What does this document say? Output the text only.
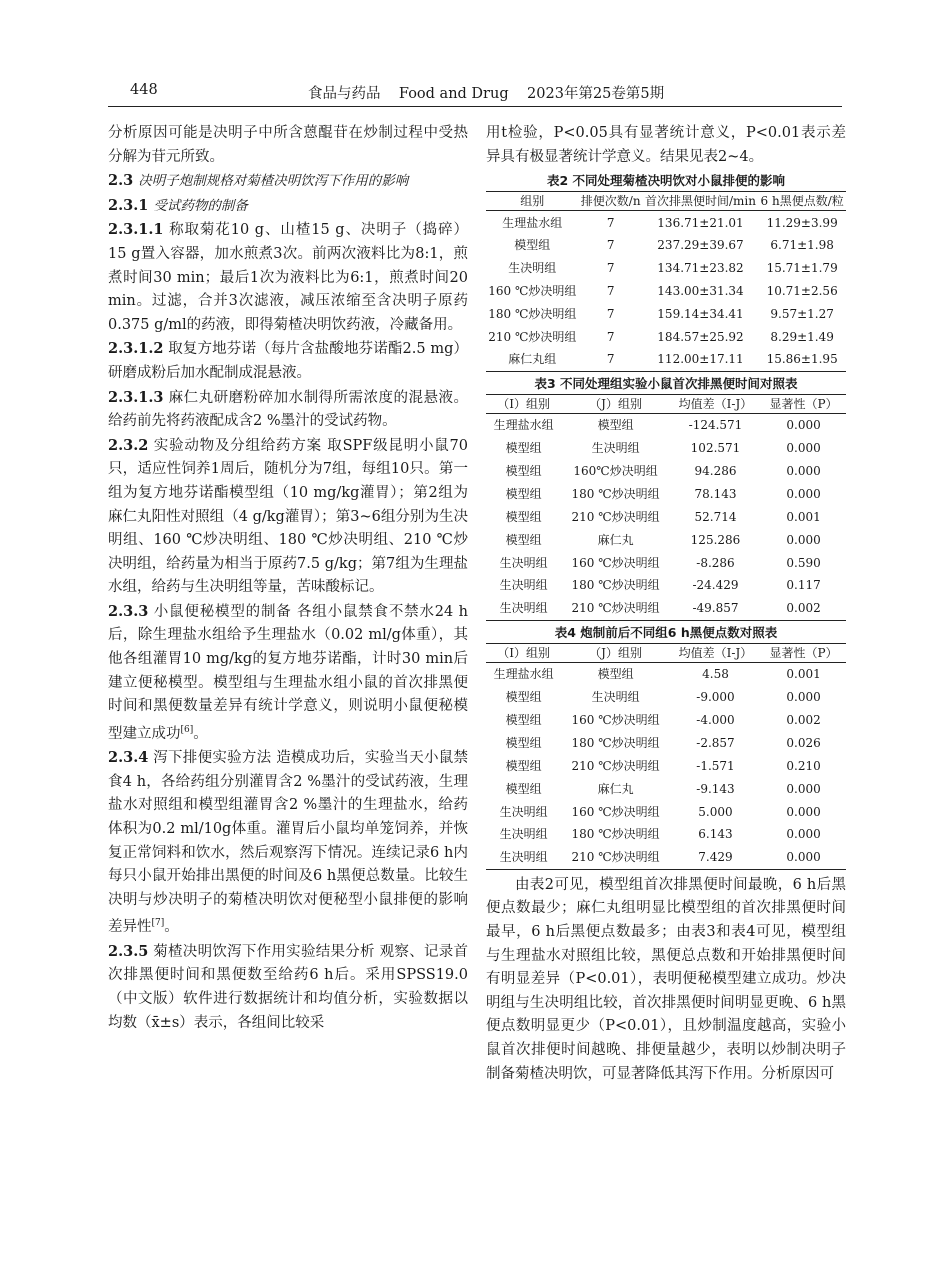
448	食品与药品    Food and Drug    2023年第25卷第5期

分析原因可能是决明子中所含蒽醌苷在炒制过程中受热分解为苷元所致。

2.3 决明子炮制规格对菊楂决明饮泻下作用的影响
2.3.1 受试药物的制备

2.3.1.1 称取菊花10 g、山楂15 g、决明子（捣碎）15 g置入容器，加水煎煮3次。前两次液料比为8:1，煎煮时间30 min；最后1次为液料比为6:1，煎煮时间20 min。过滤，合并3次滤液，减压浓缩至含决明子原药0.375 g/ml的药液，即得菊楂决明饮药液，冷藏备用。

2.3.1.2 取复方地芬诺（每片含盐酸地芬诺酯2.5 mg）研磨成粉后加水配制成混悬液。

2.3.1.3 麻仁丸研磨粉碎加水制得所需浓度的混悬液。给药前先将药液配成含2 %墨汁的受试药物。

2.3.2 实验动物及分组给药方案 取SPF级昆明小鼠70只，适应性饲养1周后，随机分为7组，每组10只。第一组为复方地芬诺酯模型组（10 mg/kg灌胃）；第2组为麻仁丸阳性对照组（4 g/kg灌胃）；第3~6组分别为生决明组、160 ℃炒决明组、180 ℃炒决明组、210 ℃炒决明组，给药量为相当于原药7.5 g/kg；第7组为生理盐水组，给药与生决明组等量，苦味酸标记。

2.3.3 小鼠便秘模型的制备 各组小鼠禁食不禁水24 h后，除生理盐水组给予生理盐水（0.02 ml/g体重），其他各组灌胃10 mg/kg的复方地芬诺酯，计时30 min后建立便秘模型。模型组与生理盐水组小鼠的首次排黑便时间和黑便数量差异有统计学意义，则说明小鼠便秘模型建立成功[6]。

2.3.4 泻下排便实验方法 造模成功后，实验当天小鼠禁食4 h，各给药组分别灌胃含2 %墨汁的受试药液，生理盐水对照组和模型组灌胃含2 %墨汁的生理盐水，给药体积为0.2 ml/10g体重。灌胃后小鼠均单笼饲养，并恢复正常饲料和饮水，然后观察泻下情况。连续记录6 h内每只小鼠开始排出黑便的时间及6 h黑便总数量。比较生决明与炒决明子的菊楂决明饮对便秘型小鼠排便的影响差异性[7]。

2.3.5 菊楂决明饮泻下作用实验结果分析 观察、记录首次排黑便时间和黑便数至给药6 h后。采用SPSS19.0（中文版）软件进行数据统计和均值分析，实验数据以均数（x̄±s）表示，各组间比较采

用t检验，P<0.05具有显著统计意义，P<0.01表示差异具有极显著统计学意义。结果见表2~4。

表2 不同处理菊楂决明饮对小鼠排便的影响
组别	排便次数/n	首次排黑便时间/min	6 h黑便点数/粒
生理盐水组	7	136.71±21.01	11.29±3.99
模型组	7	237.29±39.67	6.71±1.98
生决明组	7	134.71±23.82	15.71±1.79
160 ℃炒决明组	7	143.00±31.34	10.71±2.56
180 ℃炒决明组	7	159.14±34.41	9.57±1.27
210 ℃炒决明组	7	184.57±25.92	8.29±1.49
麻仁丸组	7	112.00±17.11	15.86±1.95
表3 不同处理组实验小鼠首次排黑便时间对照表
（I）组别	（J）组别	均值差（I-J）	显著性（P）
生理盐水组	模型组	-124.571	0.000
模型组	生决明组	102.571	0.000
模型组	160℃炒决明组	94.286	0.000
模型组	180 ℃炒决明组	78.143	0.000
模型组	210 ℃炒决明组	52.714	0.001
模型组	麻仁丸	125.286	0.000
生决明组	160 ℃炒决明组	-8.286	0.590
生决明组	180 ℃炒决明组	-24.429	0.117
生决明组	210 ℃炒决明组	-49.857	0.002
表4 炮制前后不同组6 h黑便点数对照表
（I）组别	（J）组别	均值差（I-J）	显著性（P）
生理盐水组	模型组	4.58	0.001
模型组	生决明组	-9.000	0.000
模型组	160 ℃炒决明组	-4.000	0.002
模型组	180 ℃炒决明组	-2.857	0.026
模型组	210 ℃炒决明组	-1.571	0.210
模型组	麻仁丸	-9.143	0.000
生决明组	160 ℃炒决明组	5.000	0.000
生决明组	180 ℃炒决明组	6.143	0.000
生决明组	210 ℃炒决明组	7.429	0.000

由表2可见，模型组首次排黑便时间最晚，6 h后黑便点数最少；麻仁丸组明显比模型组的首次排黑便时间最早，6 h后黑便点数最多；由表3和表4可见，模型组与生理盐水对照组比较，黑便总点数和开始排黑便时间有明显差异（P<0.01），表明便秘模型建立成功。炒决明组与生决明组比较，首次排黑便时间明显更晚、6 h黑便点数明显更少（P<0.01），且炒制温度越高，实验小鼠首次排便时间越晚、排便量越少，表明以炒制决明子制备菊楂决明饮，可显著降低其泻下作用。分析原因可
